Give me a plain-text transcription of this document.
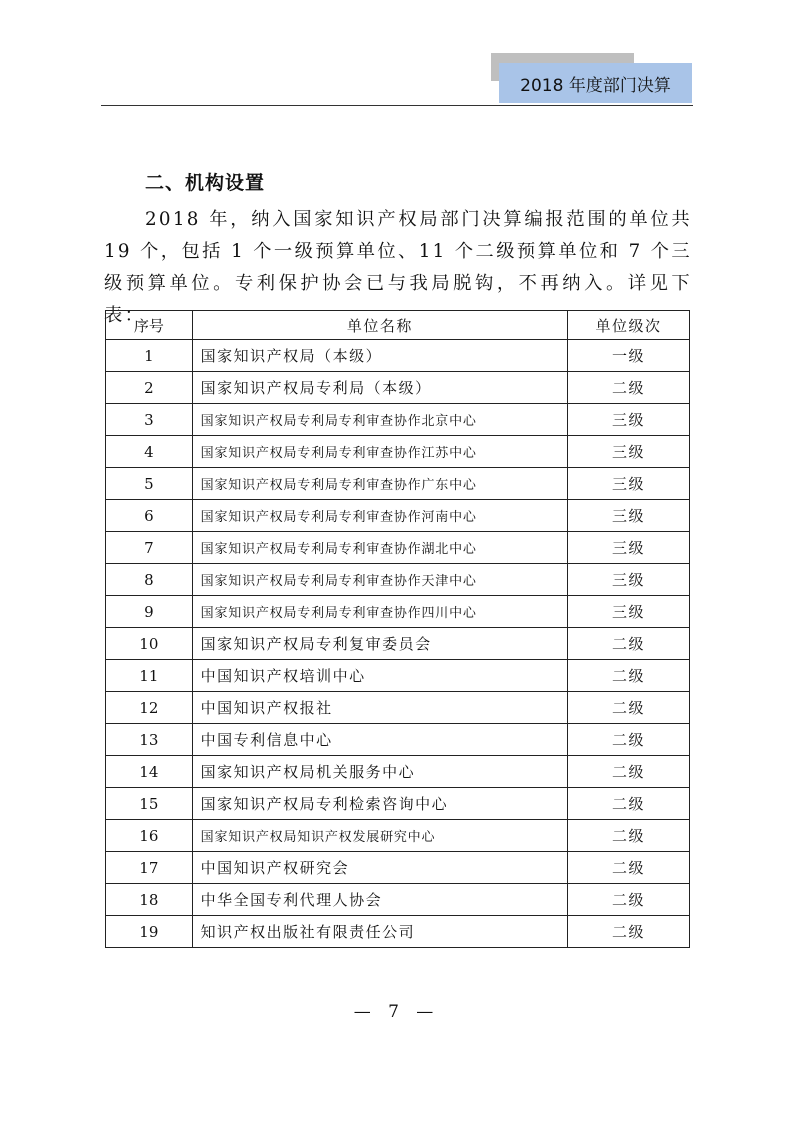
2018 年度部门决算
二、机构设置
2018 年，纳入国家知识产权局部门决算编报范围的单位共 19 个，包括 1 个一级预算单位、11 个二级预算单位和 7 个三级预算单位。专利保护协会已与我局脱钩，不再纳入。详见下表：
序号	单位名称	单位级次
1	国家知识产权局（本级）	一级
2	国家知识产权局专利局（本级）	二级
3	国家知识产权局专利局专利审查协作北京中心	三级
4	国家知识产权局专利局专利审查协作江苏中心	三级
5	国家知识产权局专利局专利审查协作广东中心	三级
6	国家知识产权局专利局专利审查协作河南中心	三级
7	国家知识产权局专利局专利审查协作湖北中心	三级
8	国家知识产权局专利局专利审查协作天津中心	三级
9	国家知识产权局专利局专利审查协作四川中心	三级
10	国家知识产权局专利复审委员会	二级
11	中国知识产权培训中心	二级
12	中国知识产权报社	二级
13	中国专利信息中心	二级
14	国家知识产权局机关服务中心	二级
15	国家知识产权局专利检索咨询中心	二级
16	国家知识产权局知识产权发展研究中心	二级
17	中国知识产权研究会	二级
18	中华全国专利代理人协会	二级
19	知识产权出版社有限责任公司	二级
— 7 —
